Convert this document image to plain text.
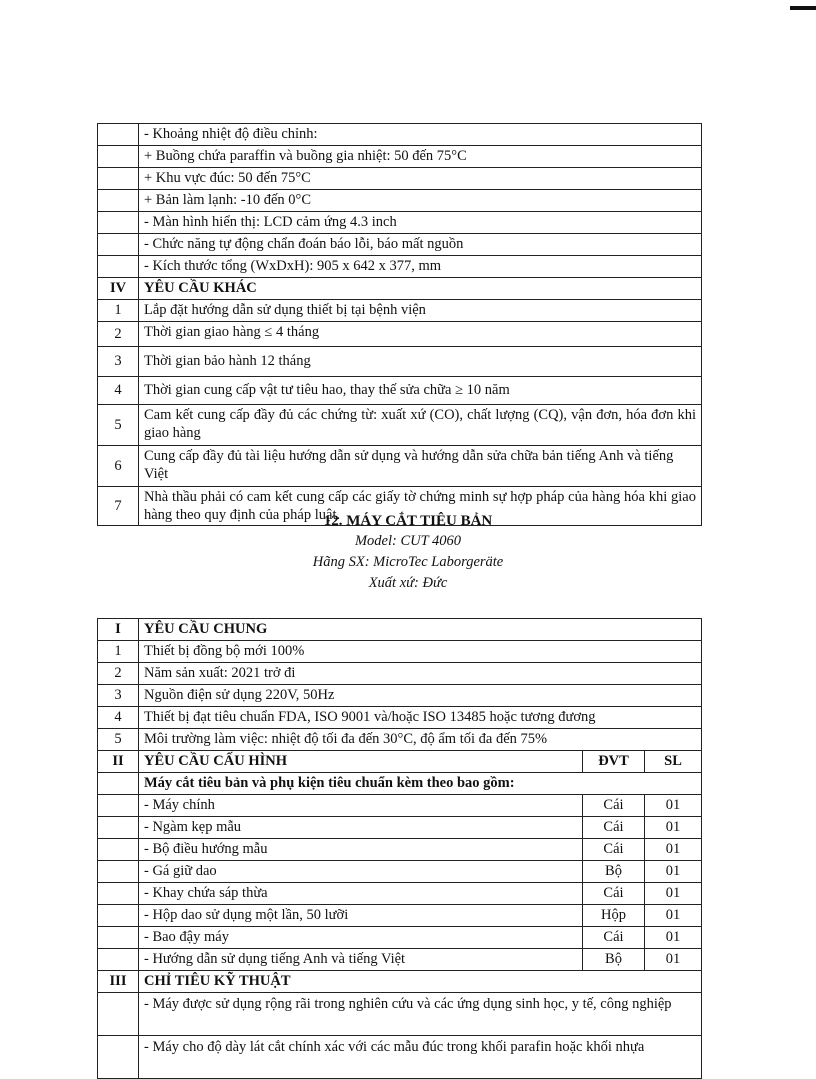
	- Khoảng nhiệt độ điều chỉnh:
	+ Buồng chứa paraffin và buồng gia nhiệt: 50 đến 75°C
	+ Khu vực đúc: 50 đến 75°C
	+ Bản làm lạnh: -10 đến 0°C
	- Màn hình hiển thị: LCD cảm ứng 4.3 inch
	- Chức năng tự động chẩn đoán báo lỗi, báo mất nguồn
	- Kích thước tổng (WxDxH): 905 x 642 x 377, mm
IV	YÊU CẦU KHÁC
1	Lắp đặt hướng dẫn sử dụng thiết bị tại bệnh viện
2	Thời gian giao hàng ≤ 4 tháng
3	Thời gian bảo hành 12 tháng
4	Thời gian cung cấp vật tư tiêu hao, thay thế sửa chữa ≥ 10 năm
5	Cam kết cung cấp đầy đủ các chứng từ: xuất xứ (CO), chất lượng (CQ), vận đơn, hóa đơn khi giao hàng
6	Cung cấp đầy đủ tài liệu hướng dẫn sử dụng và hướng dẫn sửa chữa bản tiếng Anh và tiếng Việt
7	Nhà thầu phải có cam kết cung cấp các giấy tờ chứng minh sự hợp pháp của hàng hóa khi giao hàng theo quy định của pháp luật.
12. MÁY CẮT TIÊU BẢN
Model: CUT 4060
Hãng SX: MicroTec Laborgeräte
Xuất xứ: Đức
I	YÊU CẦU CHUNG		
1	Thiết bị đồng bộ mới 100%		
2	Năm sản xuất: 2021 trở đi		
3	Nguồn điện sử dụng 220V, 50Hz		
4	Thiết bị đạt tiêu chuẩn FDA, ISO 9001 và/hoặc ISO 13485 hoặc tương đương		
5	Môi trường làm việc: nhiệt độ tối đa đến 30°C, độ ẩm tối đa đến 75%		
II	YÊU CẦU CẤU HÌNH	ĐVT	SL
	Máy cắt tiêu bản và phụ kiện tiêu chuẩn kèm theo bao gồm:		
	- Máy chính	Cái	01
	- Ngàm kẹp mẫu	Cái	01
	- Bộ điều hướng mẫu	Cái	01
	- Gá giữ dao	Bộ	01
	- Khay chứa sáp thừa	Cái	01
	- Hộp dao sử dụng một lần, 50 lưỡi	Hộp	01
	- Bao đậy máy	Cái	01
	- Hướng dẫn sử dụng tiếng Anh và tiếng Việt	Bộ	01
III	CHỈ TIÊU KỸ THUẬT		
	- Máy được sử dụng rộng rãi trong nghiên cứu và các ứng dụng sinh học, y tế, công nghiệp		
	- Máy cho độ dày lát cắt chính xác với các mẫu đúc trong khối parafin hoặc khối nhựa		
